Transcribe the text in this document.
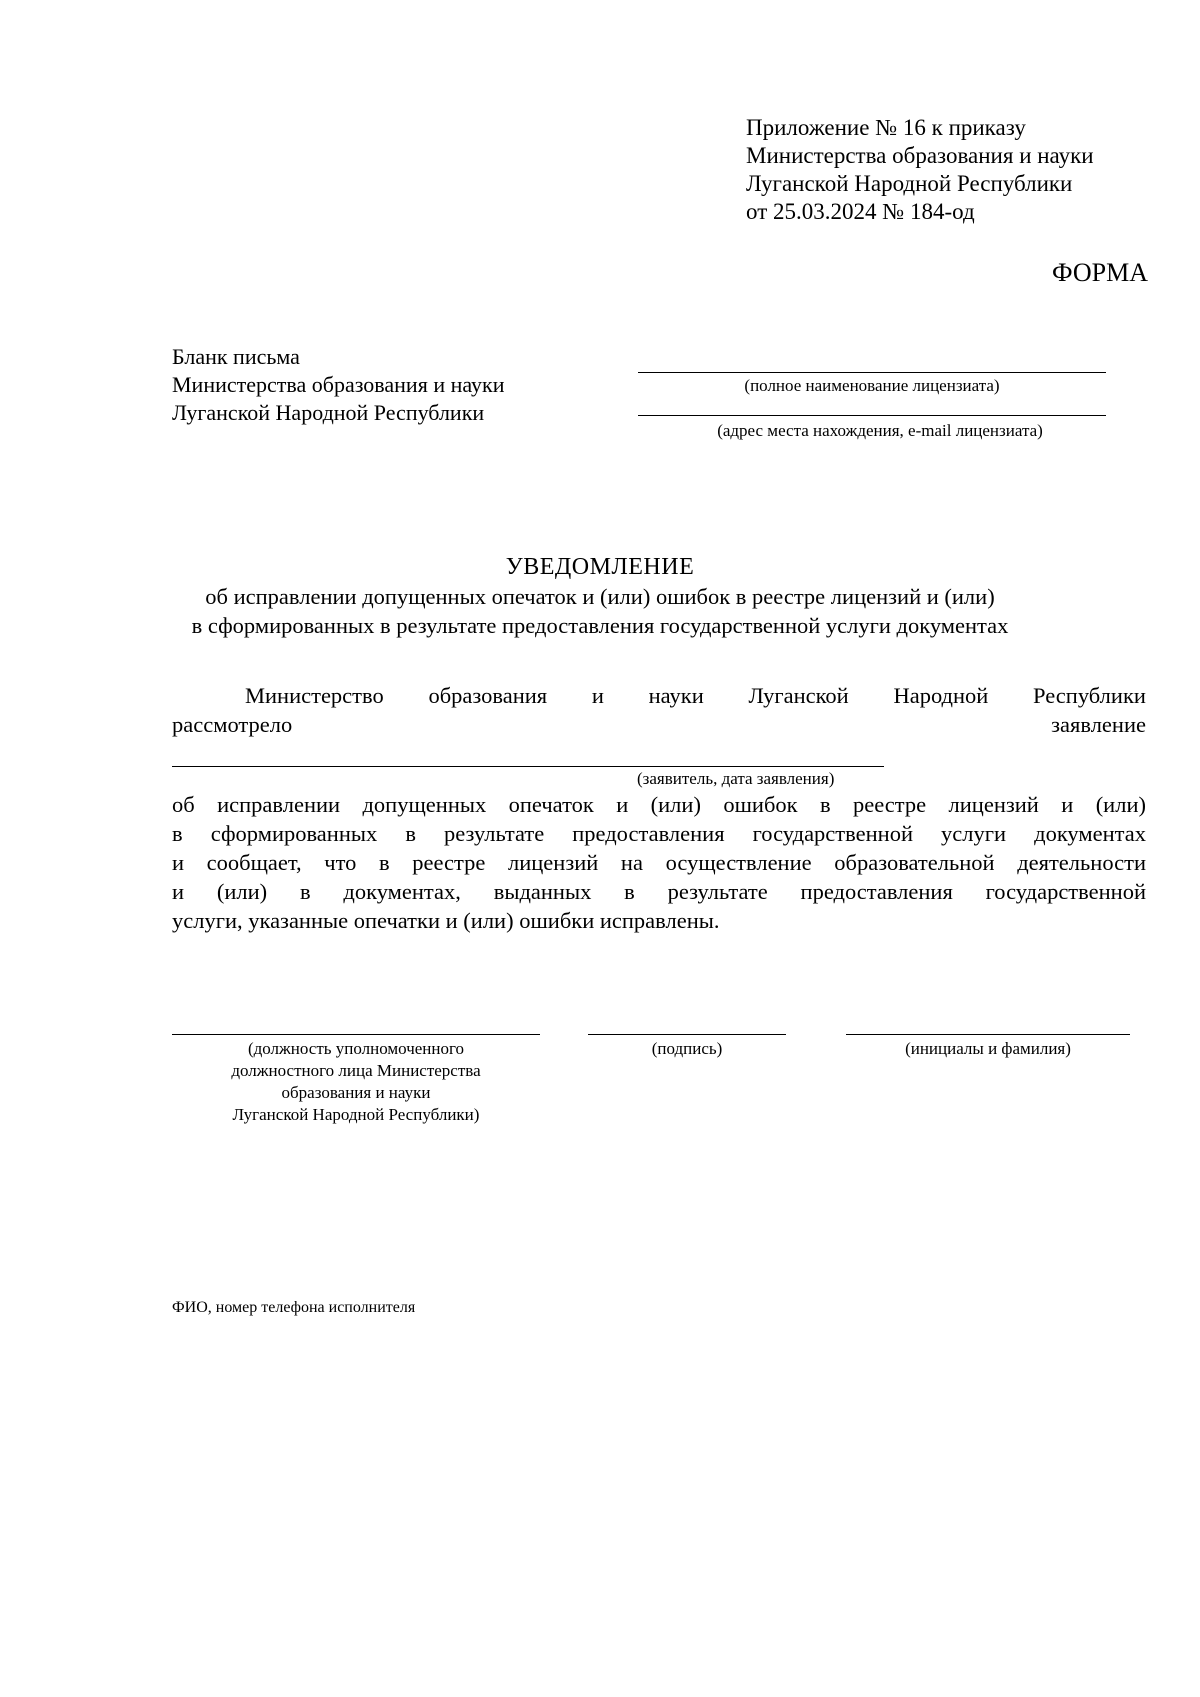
Приложение № 16 к приказу
Министерства образования и науки
Луганской Народной Республики
от 25.03.2024 № 184-од
ФОРМА
Бланк письма
Министерства образования и науки
Луганской Народной Республики
(полное наименование лицензиата)
(адрес места нахождения, e-mail лицензиата)
УВЕДОМЛЕНИЕ
об исправлении допущенных опечаток и (или) ошибок в реестре лицензий и (или)
в сформированных в результате предоставления государственной услуги документах
Министерство образования и науки Луганской Народной Республики
рассмотрело	заявление
(заявитель, дата заявления)
об исправлении допущенных опечаток и (или) ошибок в реестре лицензий и (или)
в сформированных в результате предоставления государственной услуги документах
и сообщает, что в реестре лицензий на осуществление образовательной деятельности
и (или) в документах, выданных в результате предоставления государственной
услуги, указанные опечатки и (или) ошибки исправлены.
(должность уполномоченного
должностного лица Министерства
образования и науки
Луганской Народной Республики)
(подпись)	(инициалы и фамилия)
ФИО, номер телефона исполнителя
